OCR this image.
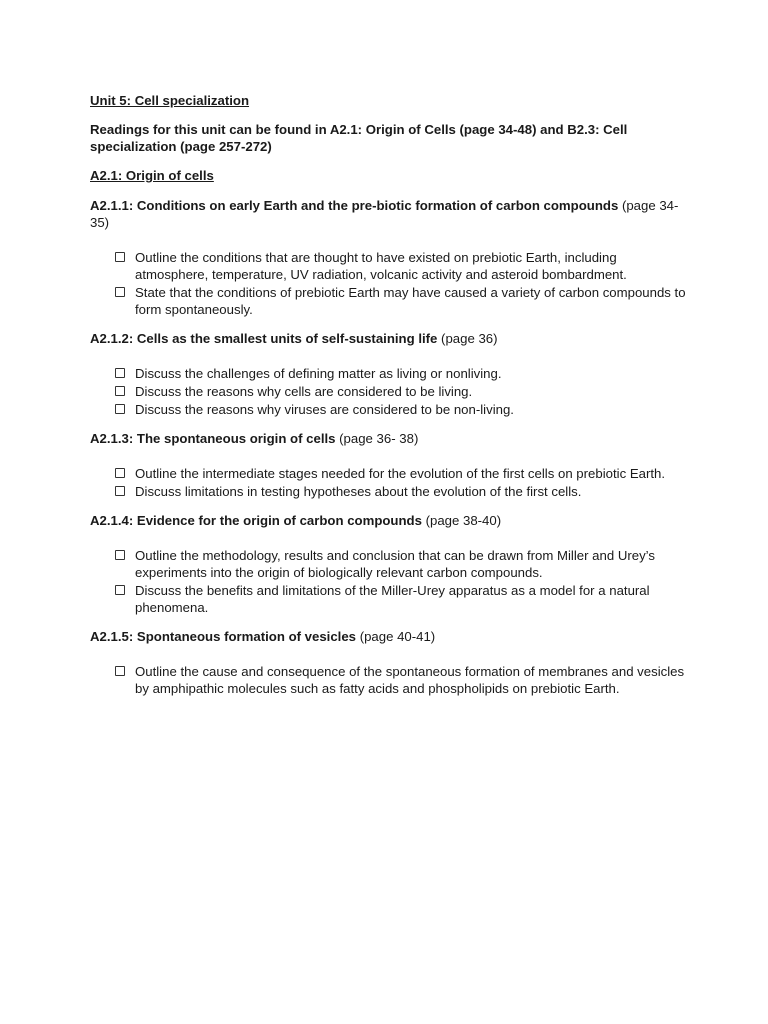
Unit 5: Cell specialization

Readings for this unit can be found in A2.1: Origin of Cells (page 34-48) and B2.3: Cell specialization (page 257-272)

A2.1: Origin of cells

A2.1.1: Conditions on early Earth and the pre-biotic formation of carbon compounds (page 34-35)

Outline the conditions that are thought to have existed on prebiotic Earth, including atmosphere, temperature, UV radiation, volcanic activity and asteroid bombardment.
State that the conditions of prebiotic Earth may have caused a variety of carbon compounds to form spontaneously.

A2.1.2: Cells as the smallest units of self-sustaining life (page 36)

Discuss the challenges of defining matter as living or nonliving.
Discuss the reasons why cells are considered to be living.
Discuss the reasons why viruses are considered to be non-living.

A2.1.3: The spontaneous origin of cells (page 36- 38)

Outline the intermediate stages needed for the evolution of the first cells on prebiotic Earth.
Discuss limitations in testing hypotheses about the evolution of the first cells.

A2.1.4: Evidence for the origin of carbon compounds (page 38-40)

Outline the methodology, results and conclusion that can be drawn from Miller and Urey’s experiments into the origin of biologically relevant carbon compounds.
Discuss the benefits and limitations of the Miller-Urey apparatus as a model for a natural phenomena.

A2.1.5: Spontaneous formation of vesicles (page 40-41)

Outline the cause and consequence of the spontaneous formation of membranes and vesicles by amphipathic molecules such as fatty acids and phospholipids on prebiotic Earth.
